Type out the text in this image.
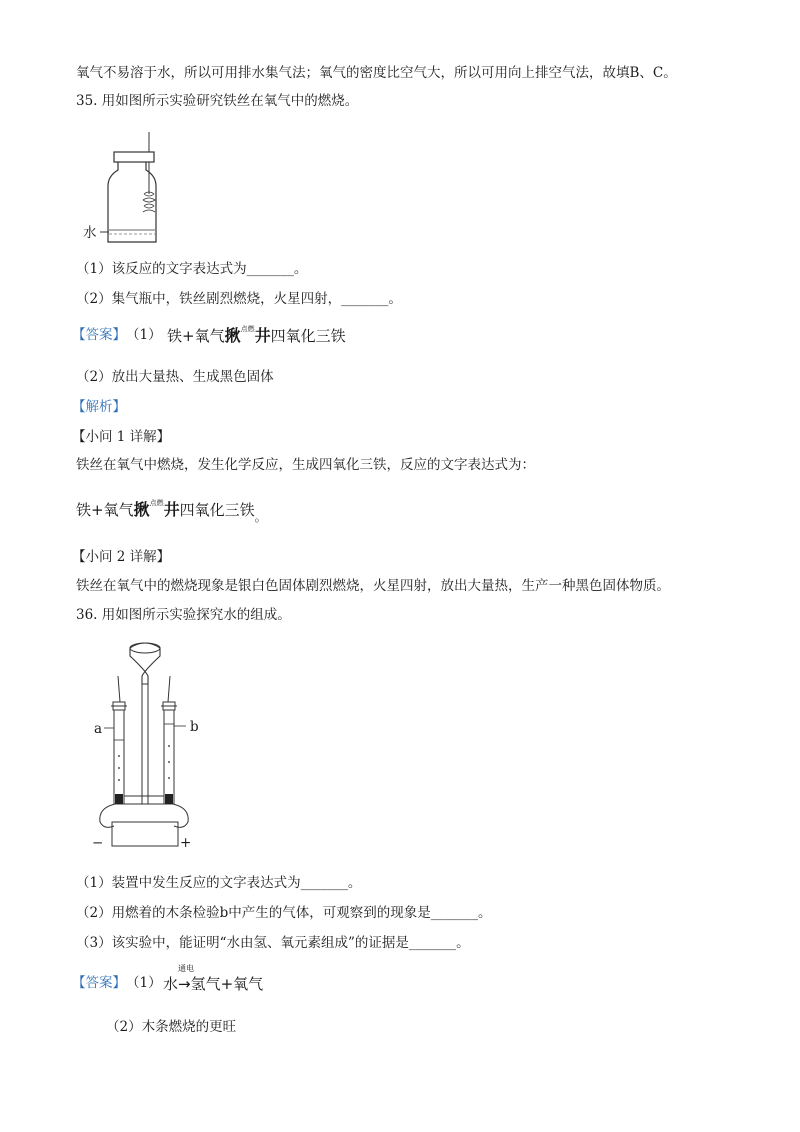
氧气不易溶于水，所以可用排水集气法；氧气的密度比空气大，所以可用向上排空气法，故填B、C。
35. 用如图所示实验研究铁丝在氧气中的燃烧。
水
（1）该反应的文字表达式为_______。
（2）集气瓶中，铁丝剧烈燃烧，火星四射，_______。
【答案】 （1） 铁+氧气揪$^{点燃}$井四氧化三铁
（2）放出大量热、生成黑色固体
【解析】
【小问 1 详解】
铁丝在氧气中燃烧，发生化学反应，生成四氧化三铁，反应的文字表达式为：
铁+氧气揪$^{点燃}$井四氧化三铁$_。$
【小问 2 详解】
铁丝在氧气中的燃烧现象是银白色固体剧烈燃烧，火星四射，放出大量热，生产一种黑色固体物质。
36. 用如图所示实验探究水的组成。
a	b
−	+
（1）装置中发生反应的文字表达式为_______。
（2）用燃着的木条检验b中产生的气体，可观察到的现象是_______。
（3）该实验中，能证明“水由氢、氧元素组成”的证据是_______。
【答案】 （1） 水
通电
→氢气+氧气
（2）木条燃烧的更旺
